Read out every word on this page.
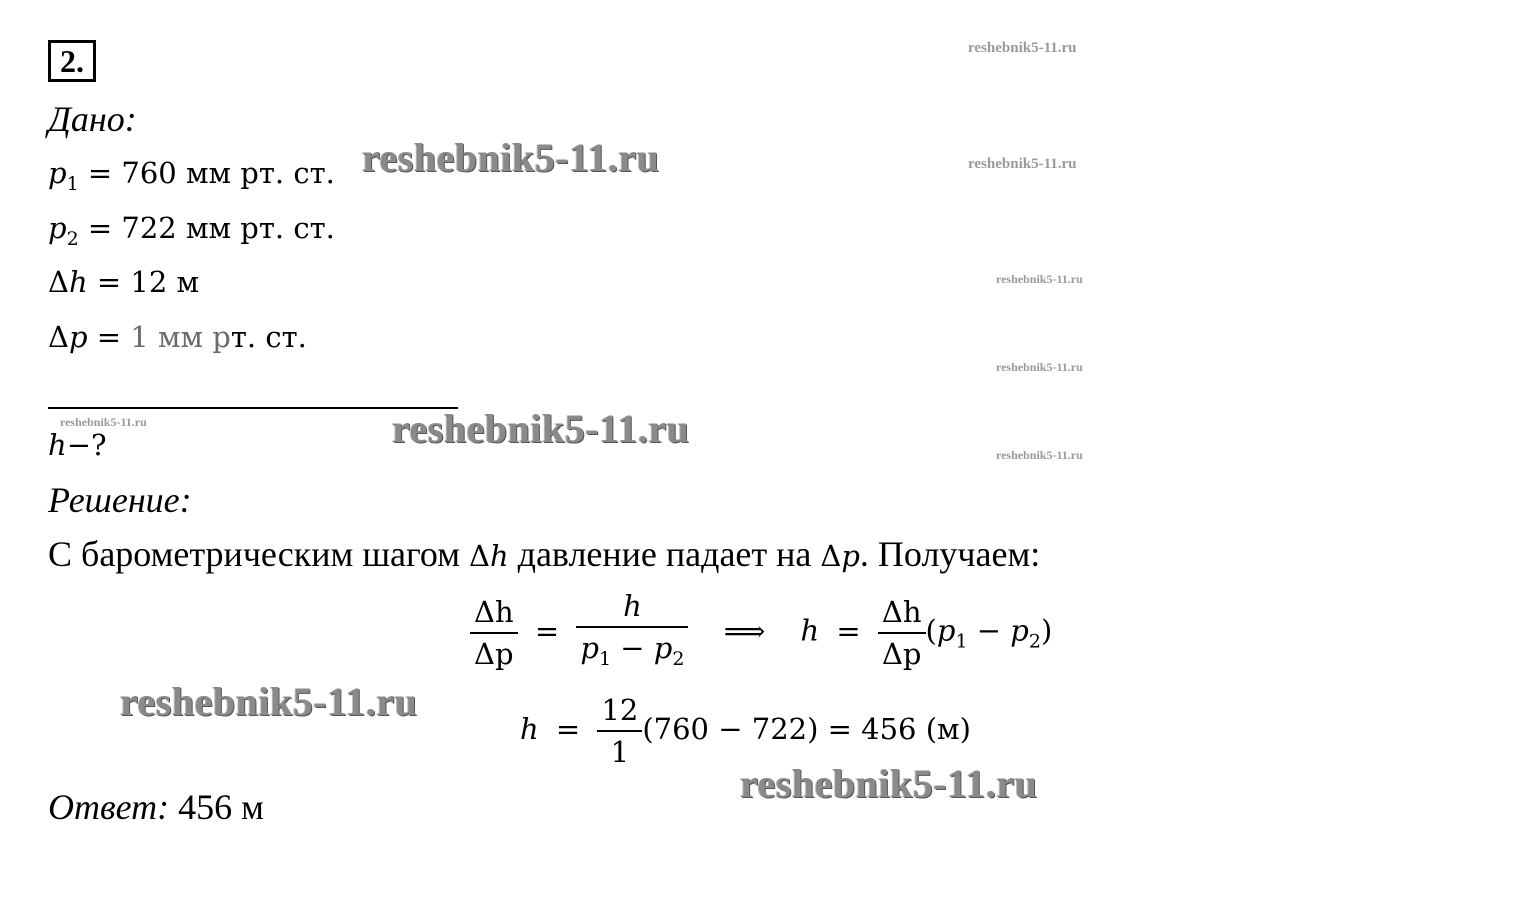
2.
Дано:
$p_1 = 760$ мм рт. ст.
$p_2 = 722$ мм рт. ст.
Δh = 12 м
Δp = 1 мм рт. ст.
h−?
Решение:
С барометрическим шагом Δh давление падает на Δp. Получаем:
$\frac{\Delta h}{\Delta p} = \frac{h}{p_1 - p_2}$ ⟹ $h = \frac{\Delta h}{\Delta p} (p_1 - p_2)$
$h = \frac{12}{1} (760 - 722) = 456$ (м)
Ответ: 456 м
reshebnik5-11.ru
reshebnik5-11.ru
reshebnik5-11.ru
reshebnik5-11.ru
reshebnik5-11.ru
reshebnik5-11.ru
reshebnik5-11.ru
reshebnik5-11.ru
reshebnik5-11.ru
reshebnik5-11.ru
